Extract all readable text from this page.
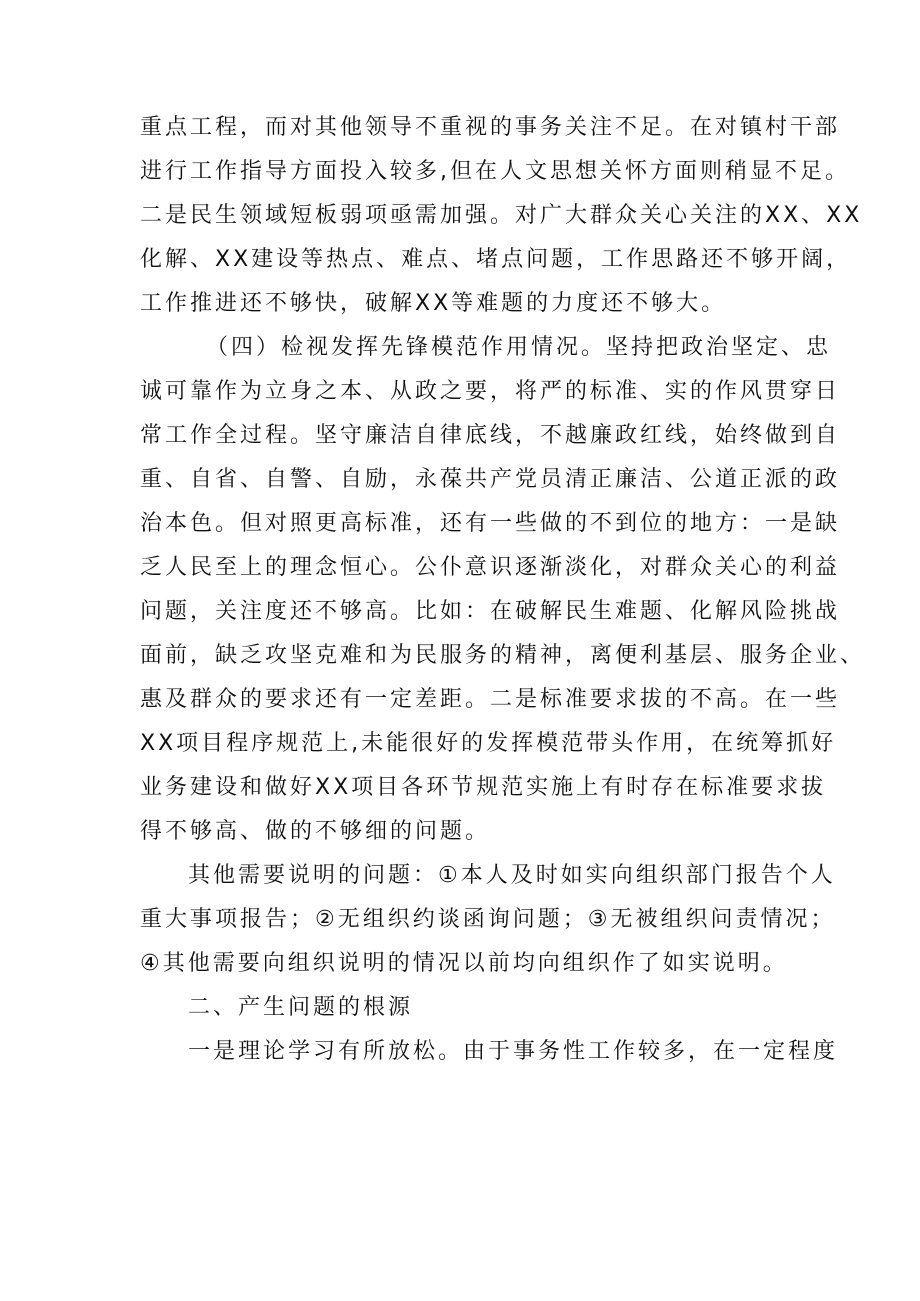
重点工程，而对其他领导不重视的事务关注不足。在对镇村干部
进行工作指导方面投入较多,但在人文思想关怀方面则稍显不足。
二是民生领域短板弱项亟需加强。对广大群众关心关注的XX、XX
化解、XX建设等热点、难点、堵点问题，工作思路还不够开阔，
工作推进还不够快，破解XX等难题的力度还不够大。
（四）检视发挥先锋模范作用情况。坚持把政治坚定、忠
诚可靠作为立身之本、从政之要，将严的标准、实的作风贯穿日
常工作全过程。坚守廉洁自律底线，不越廉政红线，始终做到自
重、自省、自警、自励，永葆共产党员清正廉洁、公道正派的政
治本色。但对照更高标准，还有一些做的不到位的地方：一是缺
乏人民至上的理念恒心。公仆意识逐渐淡化，对群众关心的利益
问题，关注度还不够高。比如：在破解民生难题、化解风险挑战
面前，缺乏攻坚克难和为民服务的精神，离便利基层、服务企业、
惠及群众的要求还有一定差距。二是标准要求拔的不高。在一些
XX项目程序规范上,未能很好的发挥模范带头作用，在统筹抓好
业务建设和做好XX项目各环节规范实施上有时存在标准要求拔
得不够高、做的不够细的问题。
其他需要说明的问题：①本人及时如实向组织部门报告个人
重大事项报告；②无组织约谈函询问题；③无被组织问责情况；
④其他需要向组织说明的情况以前均向组织作了如实说明。
二、产生问题的根源
一是理论学习有所放松。由于事务性工作较多，在一定程度
